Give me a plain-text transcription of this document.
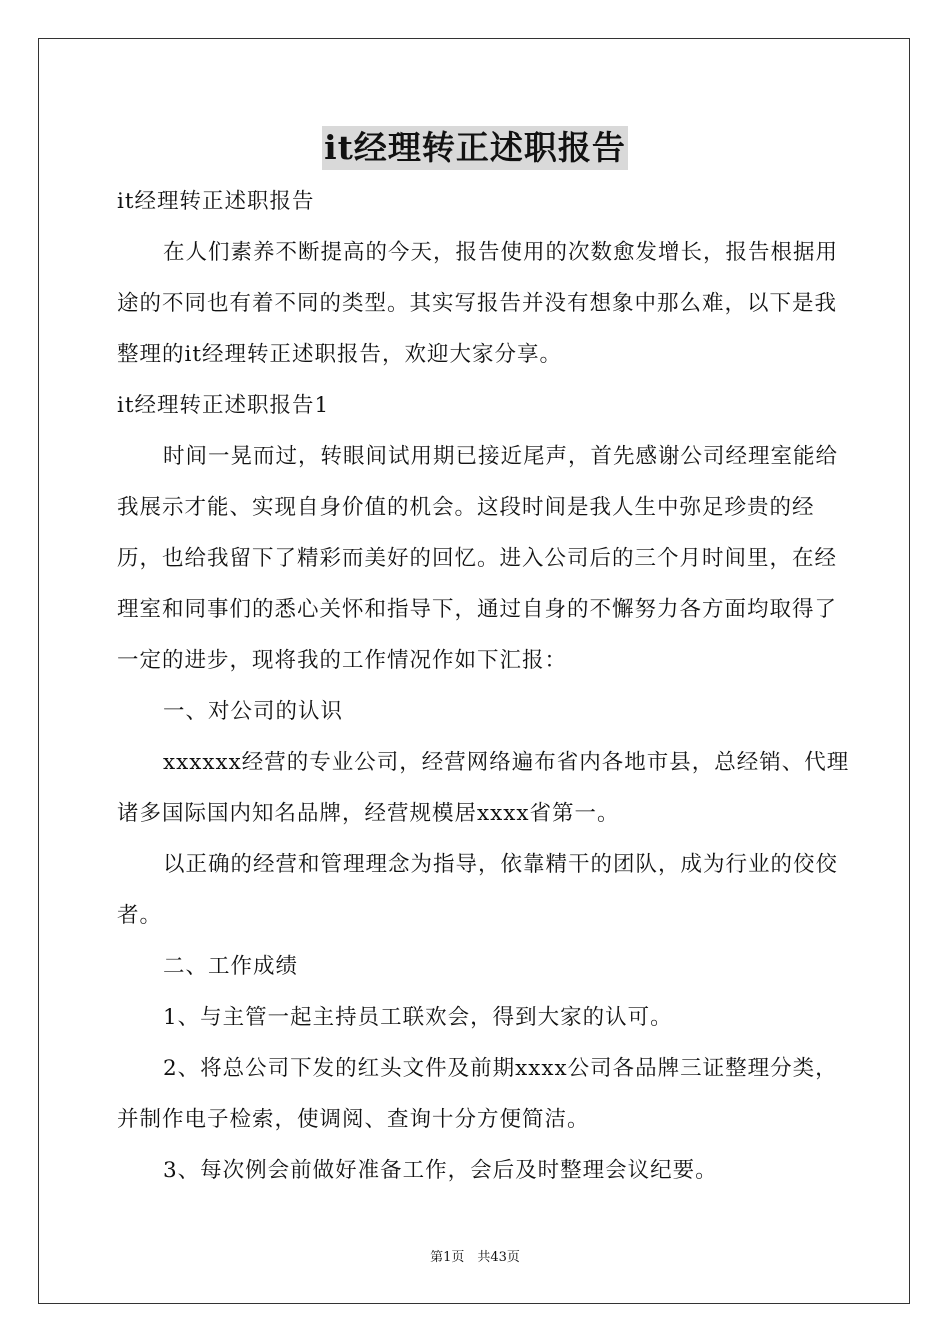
it经理转正述职报告

it经理转正述职报告

在人们素养不断提高的今天，报告使用的次数愈发增长，报告根据用途的不同也有着不同的类型。其实写报告并没有想象中那么难，以下是我整理的it经理转正述职报告，欢迎大家分享。

it经理转正述职报告1

时间一晃而过，转眼间试用期已接近尾声，首先感谢公司经理室能给我展示才能、实现自身价值的机会。这段时间是我人生中弥足珍贵的经历，也给我留下了精彩而美好的回忆。进入公司后的三个月时间里，在经理室和同事们的悉心关怀和指导下，通过自身的不懈努力各方面均取得了一定的进步，现将我的工作情况作如下汇报：

一、对公司的认识

xxxxxx经营的专业公司，经营网络遍布省内各地市县，总经销、代理诸多国际国内知名品牌，经营规模居xxxx省第一。

以正确的经营和管理理念为指导，依靠精干的团队，成为行业的佼佼者。

二、工作成绩

1、与主管一起主持员工联欢会，得到大家的认可。

2、将总公司下发的红头文件及前期xxxx公司各品牌三证整理分类，并制作电子检索，使调阅、查询十分方便简洁。

3、每次例会前做好准备工作，会后及时整理会议纪要。

第1页　共43页
